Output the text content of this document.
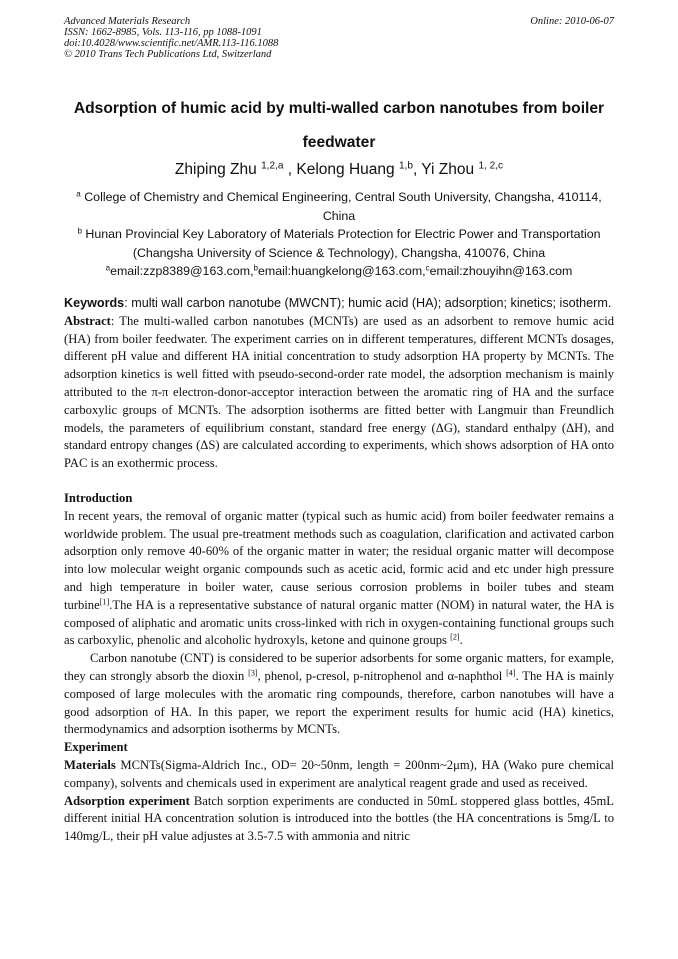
Advanced Materials Research
ISSN: 1662-8985, Vols. 113-116, pp 1088-1091
doi:10.4028/www.scientific.net/AMR.113-116.1088
© 2010 Trans Tech Publications Ltd, Switzerland
Online: 2010-06-07
Adsorption of humic acid by multi-walled carbon nanotubes from boiler
feedwater
Zhiping Zhu $^{1,2,a}$ , Kelong Huang $^{1,b}$, Yi Zhou $^{1, 2,c}$
$^a$ College of Chemistry and Chemical Engineering, Central South University, Changsha, 410114,
China
$^b$ Hunan Provincial Key Laboratory of Materials Protection for Electric Power and Transportation
(Changsha University of Science & Technology), Changsha, 410076, China
$^a$email:zzp8389@163.com,$^b$email:huangkelong@163.com,$^c$email:zhouyihn@163.com

Keywords: multi wall carbon nanotube (MWCNT); humic acid (HA); adsorption; kinetics; isotherm.

Abstract: The multi-walled carbon nanotubes (MCNTs) are used as an adsorbent to remove humic acid (HA) from boiler feedwater. The experiment carries on in different temperatures, different MCNTs dosages, different pH value and different HA initial concentration to study adsorption HA property by MCNTs. The adsorption kinetics is well fitted with pseudo-second-order rate model, the adsorption mechanism is mainly attributed to the π-π electron-donor-acceptor interaction between the aromatic ring of HA and the surface carboxylic groups of MCNTs. The adsorption isotherms are fitted better with Langmuir than Freundlich models, the parameters of equilibrium constant, standard free energy (ΔG), standard enthalpy (ΔH), and standard entropy changes (ΔS) are calculated according to experiments, which shows adsorption of HA onto PAC is an exothermic process.

Introduction

In recent years, the removal of organic matter (typical such as humic acid) from boiler feedwater remains a worldwide problem. The usual pre-treatment methods such as coagulation, clarification and activated carbon adsorption only remove 40-60% of the organic matter in water; the residual organic matter will decompose into low molecular weight organic compounds such as acetic acid, formic acid and etc under high pressure and high temperature in boiler water, cause serious corrosion problems in boiler tubes and steam turbine[1].The HA is a representative substance of natural organic matter (NOM) in natural water, the HA is composed of aliphatic and aromatic units cross-linked with rich in oxygen-containing functional groups such as carboxylic, phenolic and alcoholic hydroxyls, ketone and quinone groups [2].

Carbon nanotube (CNT) is considered to be superior adsorbents for some organic matters, for example, they can strongly absorb the dioxin [3], phenol, p-cresol, p-nitrophenol and α-naphthol [4]. The HA is mainly composed of large molecules with the aromatic ring compounds, therefore, carbon nanotubes will have a good adsorption of HA. In this paper, we report the experiment results for humic acid (HA) kinetics, thermodynamics and adsorption isotherms by MCNTs.

Experiment

Materials MCNTs(Sigma-Aldrich Inc., OD= 20~50nm, length = 200nm~2μm), HA (Wako pure chemical company), solvents and chemicals used in experiment are analytical reagent grade and used as received.

Adsorption experiment Batch sorption experiments are conducted in 50mL stoppered glass bottles, 45mL different initial HA concentration solution is introduced into the bottles (the HA concentrations is 5mg/L to 140mg/L, their pH value adjustes at 3.5-7.5 with ammonia and nitric
